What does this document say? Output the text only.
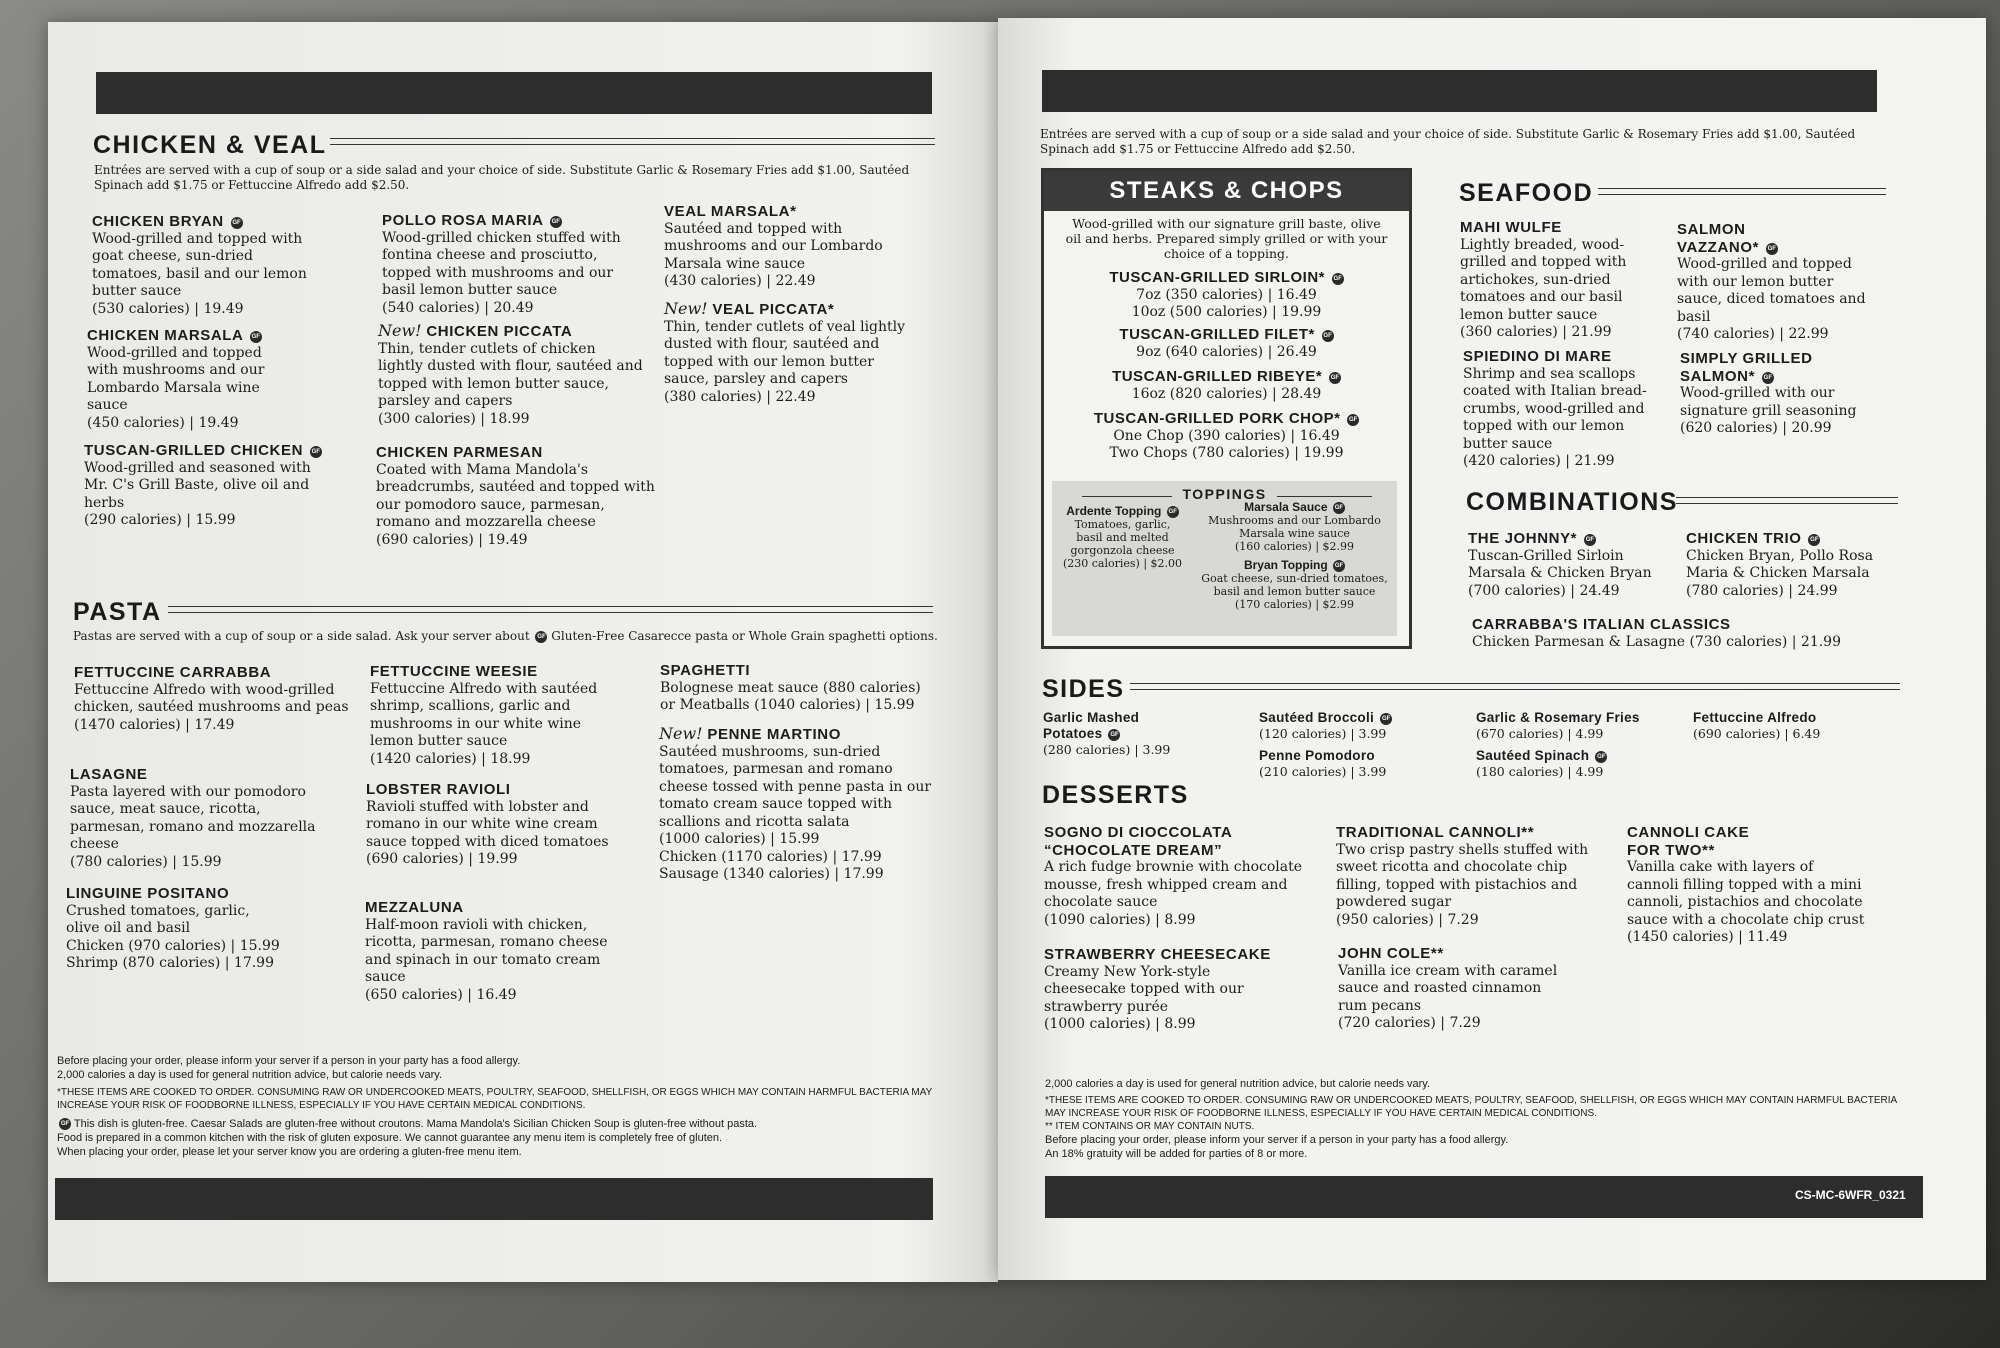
CHICKEN & VEAL
Entrées are served with a cup of soup or a side salad and your choice of side. Substitute Garlic & Rosemary Fries add $1.00, Sautéed Spinach add $1.75 or Fettuccine Alfredo add $2.50.
CHICKEN BRYAN GF
Wood-grilled and topped with goat cheese, sun-dried tomatoes, basil and our lemon butter sauce
(530 calories) | 19.49
CHICKEN MARSALA GF
Wood-grilled and topped with mushrooms and our Lombardo Marsala wine sauce
(450 calories) | 19.49
TUSCAN-GRILLED CHICKEN GF
Wood-grilled and seasoned with Mr. C's Grill Baste, olive oil and herbs
(290 calories) | 15.99
POLLO ROSA MARIA GF
Wood-grilled chicken stuffed with fontina cheese and prosciutto, topped with mushrooms and our basil lemon butter sauce
(540 calories) | 20.49
New! CHICKEN PICCATA
Thin, tender cutlets of chicken lightly dusted with flour, sautéed and topped with lemon butter sauce, parsley and capers
(300 calories) | 18.99
CHICKEN PARMESAN
Coated with Mama Mandola's breadcrumbs, sautéed and topped with our pomodoro sauce, parmesan, romano and mozzarella cheese
(690 calories) | 19.49
VEAL MARSALA*
Sautéed and topped with mushrooms and our Lombardo Marsala wine sauce
(430 calories) | 22.49
New! VEAL PICCATA*
Thin, tender cutlets of veal lightly dusted with flour, sautéed and topped with our lemon butter sauce, parsley and capers
(380 calories) | 22.49
PASTA
Pastas are served with a cup of soup or a side salad. Ask your server about GF Gluten-Free Casarecce pasta or Whole Grain spaghetti options.
FETTUCCINE CARRABBA
Fettuccine Alfredo with wood-grilled chicken, sautéed mushrooms and peas
(1470 calories) | 17.49
LASAGNE
Pasta layered with our pomodoro sauce, meat sauce, ricotta, parmesan, romano and mozzarella cheese
(780 calories) | 15.99
LINGUINE POSITANO
Crushed tomatoes, garlic, olive oil and basil
Chicken (970 calories) | 15.99
Shrimp (870 calories) | 17.99
FETTUCCINE WEESIE
Fettuccine Alfredo with sautéed shrimp, scallions, garlic and mushrooms in our white wine lemon butter sauce
(1420 calories) | 18.99
LOBSTER RAVIOLI
Ravioli stuffed with lobster and romano in our white wine cream sauce topped with diced tomatoes
(690 calories) | 19.99
MEZZALUNA
Half-moon ravioli with chicken, ricotta, parmesan, romano cheese and spinach in our tomato cream sauce
(650 calories) | 16.49
SPAGHETTI
Bolognese meat sauce (880 calories) or Meatballs (1040 calories) | 15.99
New! PENNE MARTINO
Sautéed mushrooms, sun-dried tomatoes, parmesan and romano cheese tossed with penne pasta in our tomato cream sauce topped with scallions and ricotta salata
(1000 calories) | 15.99
Chicken (1170 calories) | 17.99
Sausage (1340 calories) | 17.99
Before placing your order, please inform your server if a person in your party has a food allergy.
2,000 calories a day is used for general nutrition advice, but calorie needs vary.
*THESE ITEMS ARE COOKED TO ORDER. CONSUMING RAW OR UNDERCOOKED MEATS, POULTRY, SEAFOOD, SHELLFISH, OR EGGS WHICH MAY CONTAIN HARMFUL BACTERIA MAY INCREASE YOUR RISK OF FOODBORNE ILLNESS, ESPECIALLY IF YOU HAVE CERTAIN MEDICAL CONDITIONS.
GF This dish is gluten-free. Caesar Salads are gluten-free without croutons. Mama Mandola's Sicilian Chicken Soup is gluten-free without pasta.
Food is prepared in a common kitchen with the risk of gluten exposure. We cannot guarantee any menu item is completely free of gluten.
When placing your order, please let your server know you are ordering a gluten-free menu item.
Entrées are served with a cup of soup or a side salad and your choice of side. Substitute Garlic & Rosemary Fries add $1.00, Sautéed Spinach add $1.75 or Fettuccine Alfredo add $2.50.
STEAKS & CHOPS
Wood-grilled with our signature grill baste, olive oil and herbs. Prepared simply grilled or with your choice of a topping.
TUSCAN-GRILLED SIRLOIN* GF
7oz (350 calories) | 16.49
10oz (500 calories) | 19.99
TUSCAN-GRILLED FILET* GF
9oz (640 calories) | 26.49
TUSCAN-GRILLED RIBEYE* GF
16oz (820 calories) | 28.49
TUSCAN-GRILLED PORK CHOP* GF
One Chop (390 calories) | 16.49
Two Chops (780 calories) | 19.99
TOPPINGS
Ardente Topping GF
Tomatoes, garlic, basil and melted gorgonzola cheese
(230 calories) | $2.00
Marsala Sauce GF
Mushrooms and our Lombardo Marsala wine sauce
(160 calories) | $2.99
Bryan Topping GF
Goat cheese, sun-dried tomatoes, basil and lemon butter sauce
(170 calories) | $2.99
SEAFOOD
MAHI WULFE
Lightly breaded, wood-grilled and topped with artichokes, sun-dried tomatoes and our basil lemon butter sauce
(360 calories) | 21.99
SPIEDINO DI MARE
Shrimp and sea scallops coated with Italian bread-crumbs, wood-grilled and topped with our lemon butter sauce
(420 calories) | 21.99
SALMON
VAZZANO* GF
Wood-grilled and topped with our lemon butter sauce, diced tomatoes and basil
(740 calories) | 22.99
SIMPLY GRILLED
SALMON* GF
Wood-grilled with our signature grill seasoning
(620 calories) | 20.99
COMBINATIONS
THE JOHNNY* GF
Tuscan-Grilled Sirloin Marsala & Chicken Bryan
(700 calories) | 24.49
CHICKEN TRIO GF
Chicken Bryan, Pollo Rosa Maria & Chicken Marsala
(780 calories) | 24.99
CARRABBA'S ITALIAN CLASSICS
Chicken Parmesan & Lasagne (730 calories) | 21.99
SIDES
Garlic Mashed
Potatoes GF
(280 calories) | 3.99
Sautéed Broccoli GF
(120 calories) | 3.99
Penne Pomodoro
(210 calories) | 3.99
Garlic & Rosemary Fries
(670 calories) | 4.99
Sautéed Spinach GF
(180 calories) | 4.99
Fettuccine Alfredo
(690 calories) | 6.49
DESSERTS
SOGNO DI CIOCCOLATA
“CHOCOLATE DREAM”
A rich fudge brownie with chocolate mousse, fresh whipped cream and chocolate sauce
(1090 calories) | 8.99
STRAWBERRY CHEESECAKE
Creamy New York-style cheesecake topped with our strawberry purée
(1000 calories) | 8.99
TRADITIONAL CANNOLI**
Two crisp pastry shells stuffed with sweet ricotta and chocolate chip filling, topped with pistachios and powdered sugar
(950 calories) | 7.29
JOHN COLE**
Vanilla ice cream with caramel sauce and roasted cinnamon rum pecans
(720 calories) | 7.29
CANNOLI CAKE
FOR TWO**
Vanilla cake with layers of cannoli filling topped with a mini cannoli, pistachios and chocolate sauce with a chocolate chip crust
(1450 calories) | 11.49
2,000 calories a day is used for general nutrition advice, but calorie needs vary.
*THESE ITEMS ARE COOKED TO ORDER. CONSUMING RAW OR UNDERCOOKED MEATS, POULTRY, SEAFOOD, SHELLFISH, OR EGGS WHICH MAY CONTAIN HARMFUL BACTERIA MAY INCREASE YOUR RISK OF FOODBORNE ILLNESS, ESPECIALLY IF YOU HAVE CERTAIN MEDICAL CONDITIONS.
** ITEM CONTAINS OR MAY CONTAIN NUTS.
Before placing your order, please inform your server if a person in your party has a food allergy.
An 18% gratuity will be added for parties of 8 or more.
CS-MC-6WFR_0321
